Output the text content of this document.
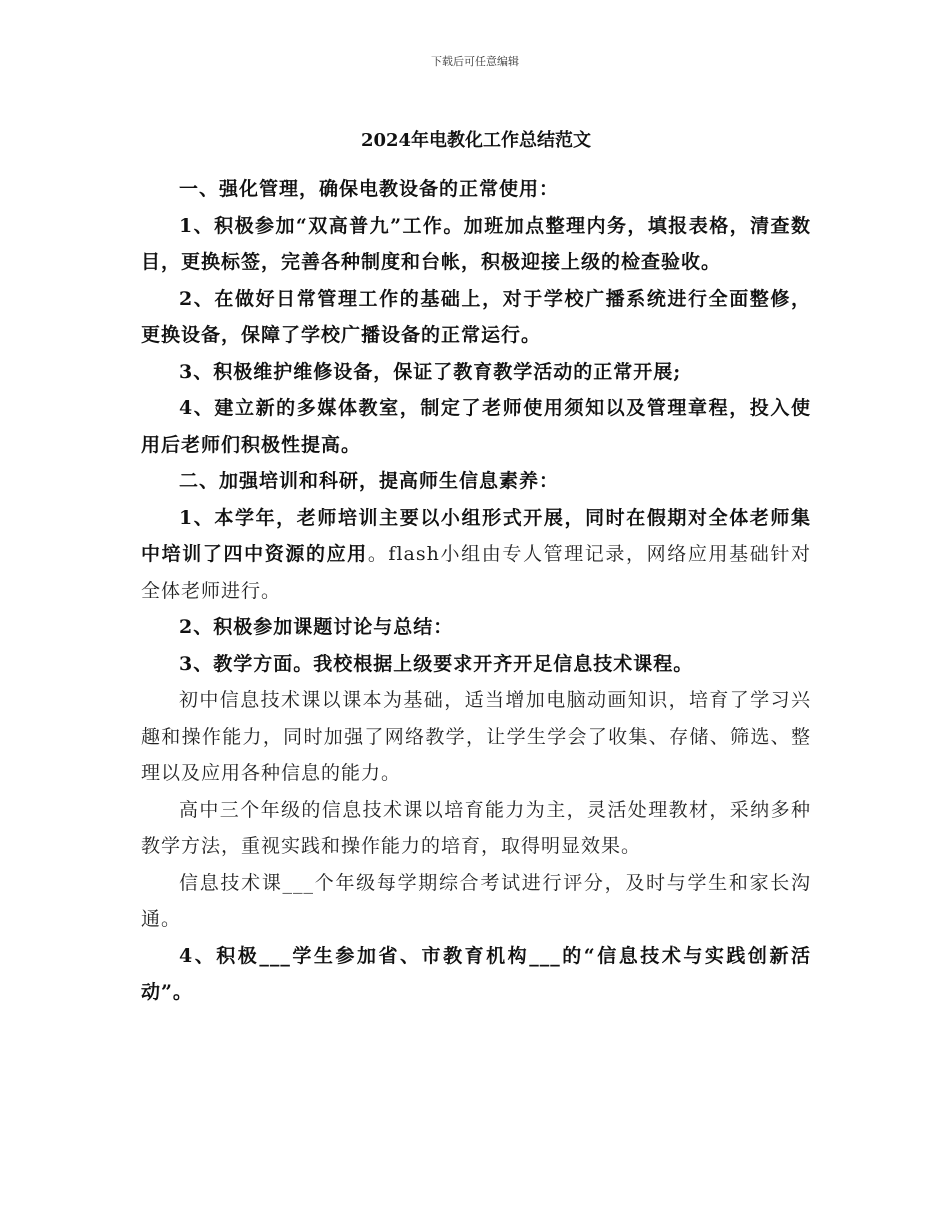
下载后可任意编辑
2024年电教化工作总结范文

一、强化管理，确保电教设备的正常使用：

1、积极参加“双高普九”工作。加班加点整理内务，填报表格，清查数目，更换标签，完善各种制度和台帐，积极迎接上级的检查验收。

2、在做好日常管理工作的基础上，对于学校广播系统进行全面整修，更换设备，保障了学校广播设备的正常运行。

3、积极维护维修设备，保证了教育教学活动的正常开展;

4、建立新的多媒体教室，制定了老师使用须知以及管理章程，投入使用后老师们积极性提高。

二、加强培训和科研，提高师生信息素养：

1、本学年，老师培训主要以小组形式开展，同时在假期对全体老师集中培训了四中资源的应用。flash小组由专人管理记录，网络应用基础针对全体老师进行。

2、积极参加课题讨论与总结：

3、教学方面。我校根据上级要求开齐开足信息技术课程。

初中信息技术课以课本为基础，适当增加电脑动画知识，培育了学习兴趣和操作能力，同时加强了网络教学，让学生学会了收集、存储、筛选、整理以及应用各种信息的能力。

高中三个年级的信息技术课以培育能力为主，灵活处理教材，采纳多种教学方法，重视实践和操作能力的培育，取得明显效果。

信息技术课___个年级每学期综合考试进行评分，及时与学生和家长沟通。

4、积极___学生参加省、市教育机构___的“信息技术与实践创新活动”。
